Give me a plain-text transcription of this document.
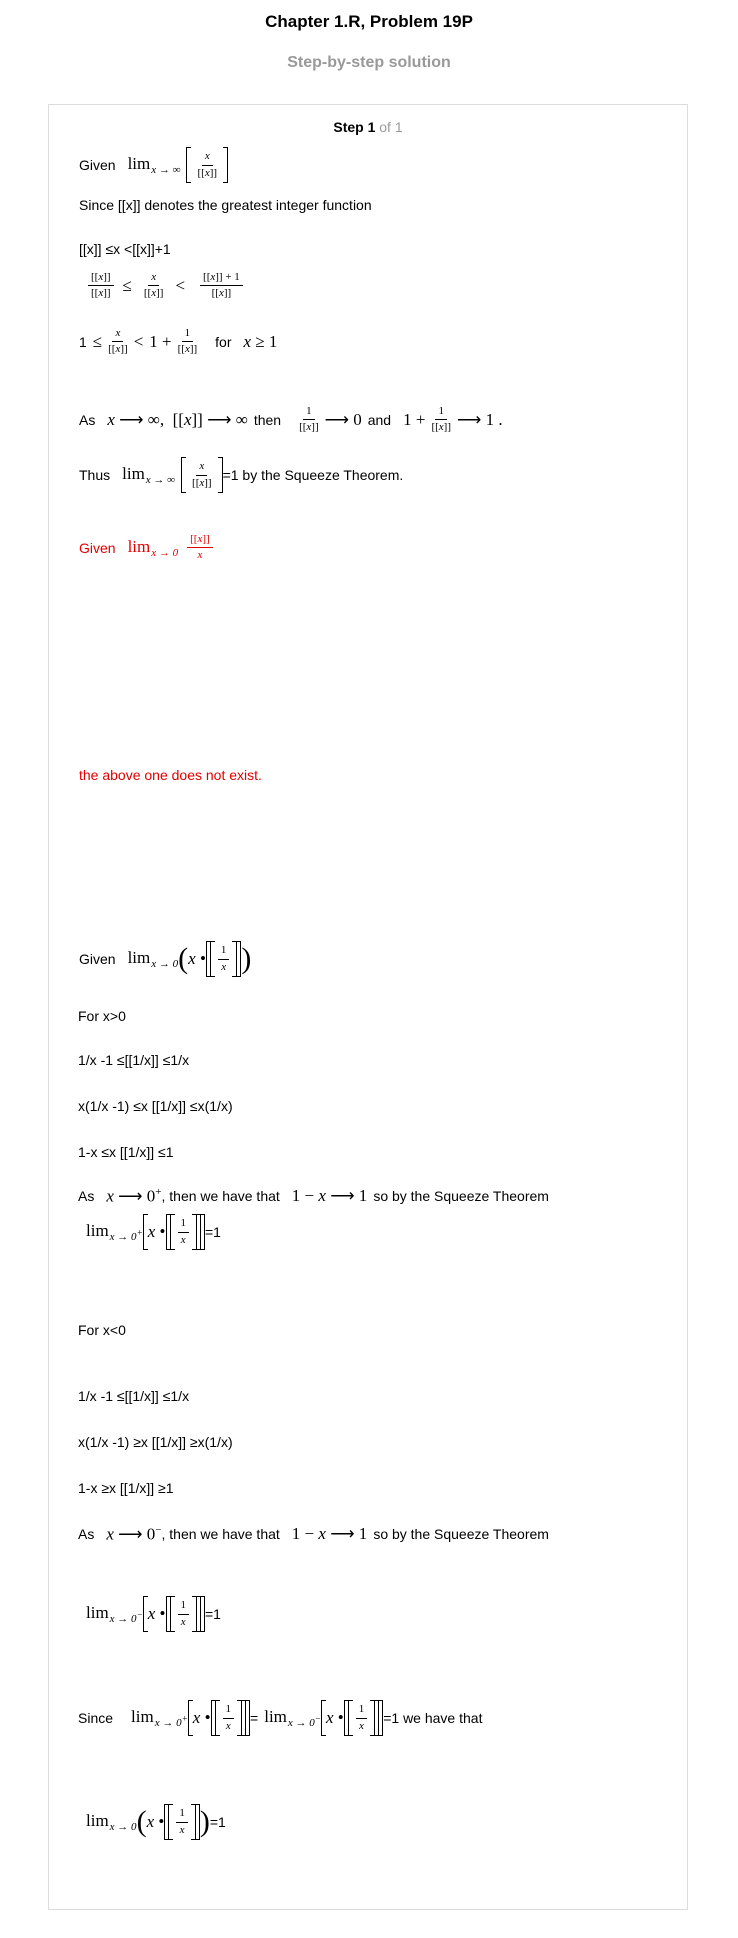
Chapter 1.R, Problem 19P
Step-by-step solution
Step 1 of 1
Given $\lim_{x \to \infty} \frac{x}{[[x]]}$
Since [[x]] denotes the greatest integer function
[[x]] ≤x <[[x]]+1
$\frac{[[x]]}{[[x]]} \le \frac{x}{[[x]]} < \frac{[[x]] + 1}{[[x]]}$
$1 \le \frac{x}{[[x]]} < 1 + \frac{1}{[[x]]}$ for x ≥ 1
As x ⟶ ∞,  [[x]] ⟶ ∞ then $\frac{1}{[[x]]}$ ⟶ 0 and $1 + \frac{1}{[[x]]}$ ⟶ 1 .
Thus $\lim_{x \to \infty} \frac{x}{[[x]]} =1$ by the Squeeze Theorem.
Given $\lim_{x \to 0} \frac{[[x]]}{x}$
the above one does not exist.
Given $\lim_{x \to 0}$ ( x • $\frac{1}{x}$ )
For x>0
1/x -1 ≤[[1/x]] ≤1/x
x(1/x -1) ≤x [[1/x]] ≤x(1/x)
1-x ≤x [[1/x]] ≤1
As x ⟶ 0+ , then we have that 1 − x ⟶ 1 so by the Squeeze Theorem
$\lim_{x \to 0^+} x$ • $\frac{1}{x} =1$
For x<0
1/x -1 ≤[[1/x]] ≤1/x
x(1/x -1) ≥x [[1/x]] ≥x(1/x)
1-x ≥x [[1/x]] ≥1
As x ⟶ 0− , then we have that 1 − x ⟶ 1 so by the Squeeze Theorem
$\lim_{x \to 0^-} x$ • $\frac{1}{x} =1$
Since $\lim_{x \to 0^+} x$ • $\frac{1}{x} = \lim_{x \to 0^-} x$ • $\frac{1}{x} =1$ we have that
$\lim_{x \to 0}$ ( x • $\frac{1}{x}$ ) =1
